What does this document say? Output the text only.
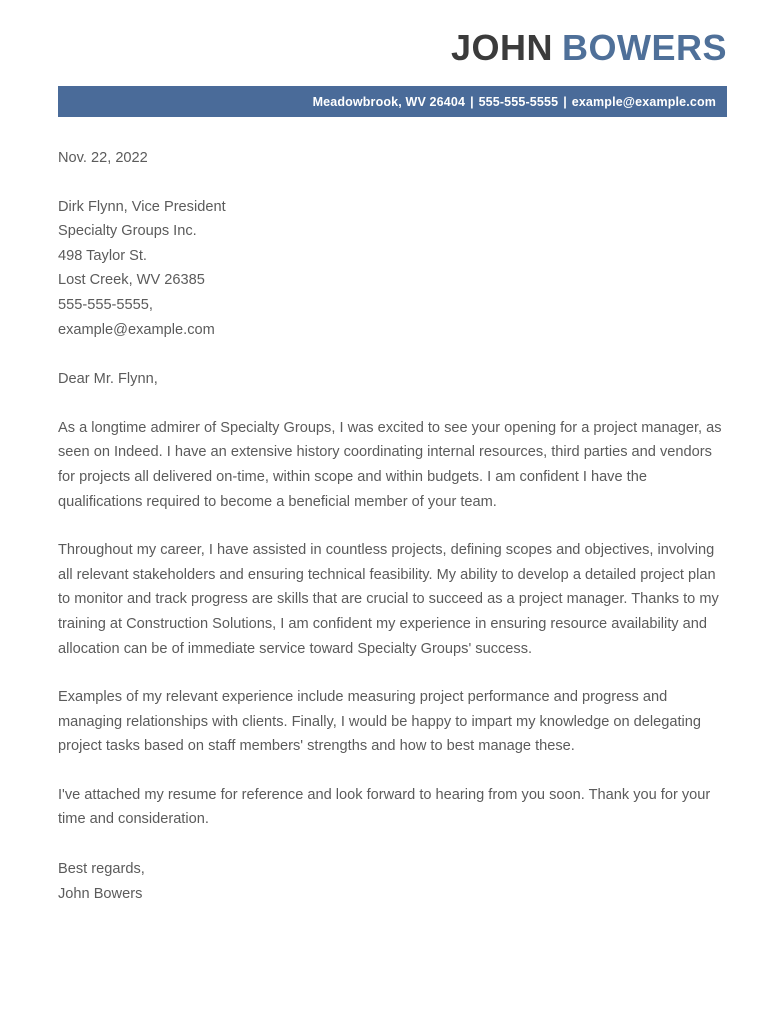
JOHN BOWERS
Meadowbrook, WV 26404 | 555-555-5555 | example@example.com
Nov. 22, 2022
Dirk Flynn, Vice President
Specialty Groups Inc.
498 Taylor St.
Lost Creek, WV 26385
555-555-5555,
example@example.com
Dear Mr. Flynn,

As a longtime admirer of Specialty Groups, I was excited to see your opening for a project manager, as seen on Indeed. I have an extensive history coordinating internal resources, third parties and vendors for projects all delivered on-time, within scope and within budgets. I am confident I have the qualifications required to become a beneficial member of your team.

Throughout my career, I have assisted in countless projects, defining scopes and objectives, involving all relevant stakeholders and ensuring technical feasibility. My ability to develop a detailed project plan to monitor and track progress are skills that are crucial to succeed as a project manager. Thanks to my training at Construction Solutions, I am confident my experience in ensuring resource availability and allocation can be of immediate service toward Specialty Groups' success.

Examples of my relevant experience include measuring project performance and progress and managing relationships with clients. Finally, I would be happy to impart my knowledge on delegating project tasks based on staff members' strengths and how to best manage these.

I've attached my resume for reference and look forward to hearing from you soon. Thank you for your time and consideration.

Best regards,
John Bowers
